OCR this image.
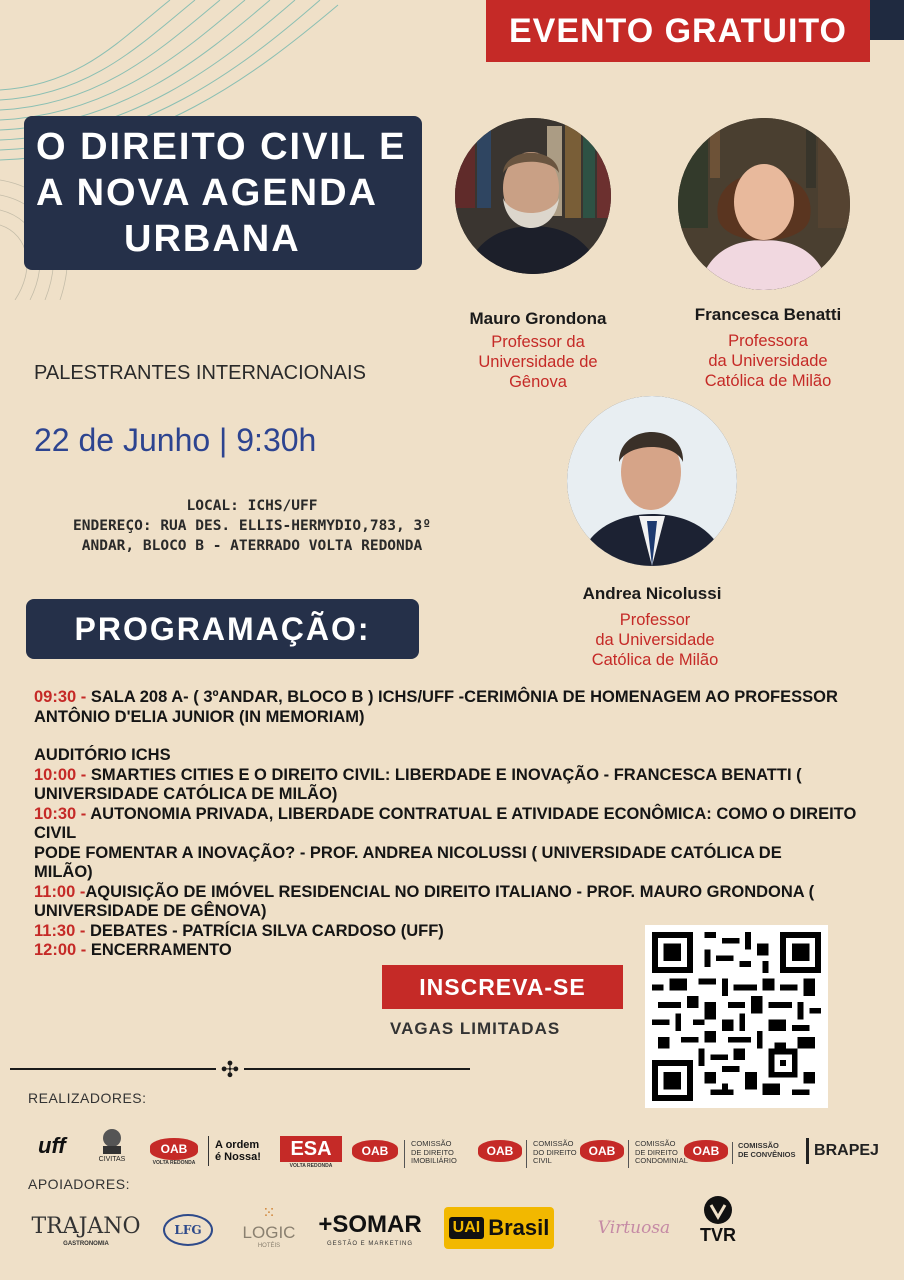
EVENTO GRATUITO
O DIREITO CIVIL E
A NOVA AGENDA
URBANA
PALESTRANTES INTERNACIONAIS
22 de Junho | 9:30h
LOCAL: ICHS/UFF
ENDEREÇO: RUA DES. ELLIS-HERMYDIO,783, 3º
ANDAR, BLOCO B - ATERRADO VOLTA REDONDA
Mauro Grondona
Professor da
Universidade de
Gênova
Francesca Benatti
Professora
da Universidade
Católica de Milão
Andrea Nicolussi
Professor
da Universidade
Católica de Milão
PROGRAMAÇÃO:
09:30 - SALA 208 A- ( 3ºANDAR, BLOCO B ) ICHS/UFF -CERIMÔNIA DE HOMENAGEM AO PROFESSOR ANTÔNIO D'ELIA JUNIOR (IN MEMORIAM)
AUDITÓRIO ICHS
10:00 - SMARTIES CITIES E O DIREITO CIVIL: LIBERDADE E INOVAÇÃO - FRANCESCA BENATTI ( UNIVERSIDADE CATÓLICA DE MILÃO)
10:30 - AUTONOMIA PRIVADA, LIBERDADE CONTRATUAL E ATIVIDADE ECONÔMICA: COMO O DIREITO CIVIL
PODE FOMENTAR A INOVAÇÃO? - PROF. ANDREA NICOLUSSI ( UNIVERSIDADE CATÓLICA DE MILÃO)
11:00 -AQUISIÇÃO DE IMÓVEL RESIDENCIAL NO DIREITO ITALIANO - PROF. MAURO GRONDONA ( UNIVERSIDADE DE GÊNOVA)
11:30 - DEBATES - PATRÍCIA SILVA CARDOSO (UFF)
12:00 - ENCERRAMENTO
INSCREVA-SE
VAGAS LIMITADAS
✣
REALIZADORES:
uff
CIVITAS
OAB
VOLTA REDONDA
A ordem
é Nossa!	ESA
VOLTA REDONDA
OAB
COMISSÃO
DE DIREITO
IMOBILIÁRIO
OAB
COMISSÃO
DO DIREITO
CIVIL
OAB
COMISSÃO
DE DIREITO
CONDOMINIAL
OAB	COMISSÃO
DE CONVÊNIOS	BRAPEJ
APOIADORES:
TRAJANO
GASTRONOMIA
LFG
⁙
LOGIC
HOTÉIS
+SOMAR
GESTÃO E MARKETING
UAI Brasil	Virtuosa	TVR
